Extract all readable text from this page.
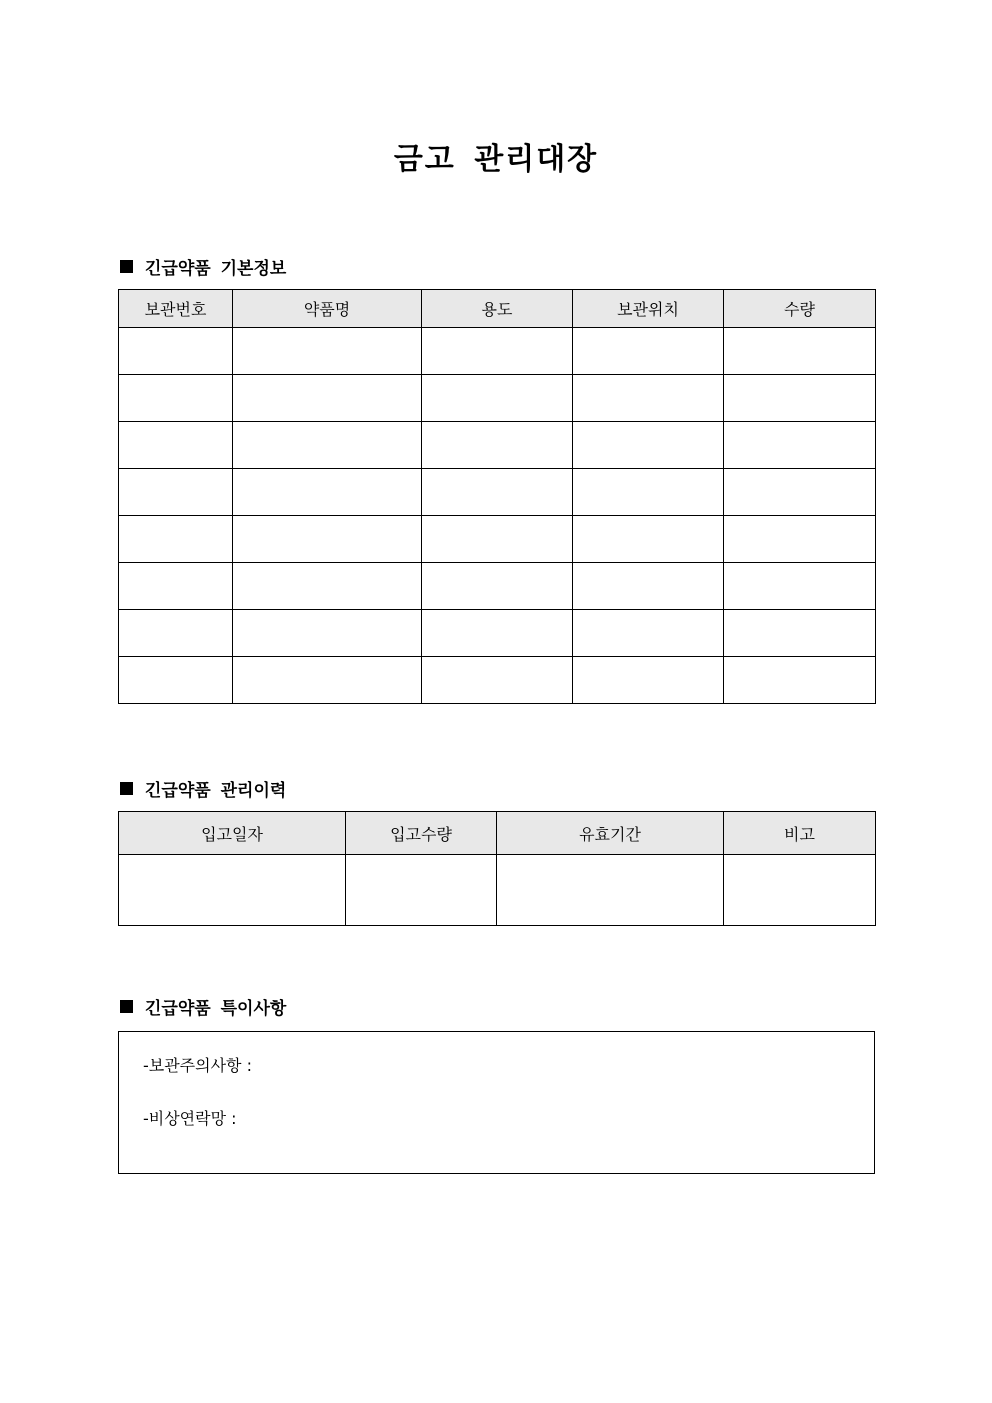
금고 관리대장
긴급약품 기본정보
보관번호	약품명	용도	보관위치	수량

긴급약품 관리이력
입고일자	입고수량	유효기간	비고

긴급약품 특이사항
-보관주의사항 :
-비상연락망 :
